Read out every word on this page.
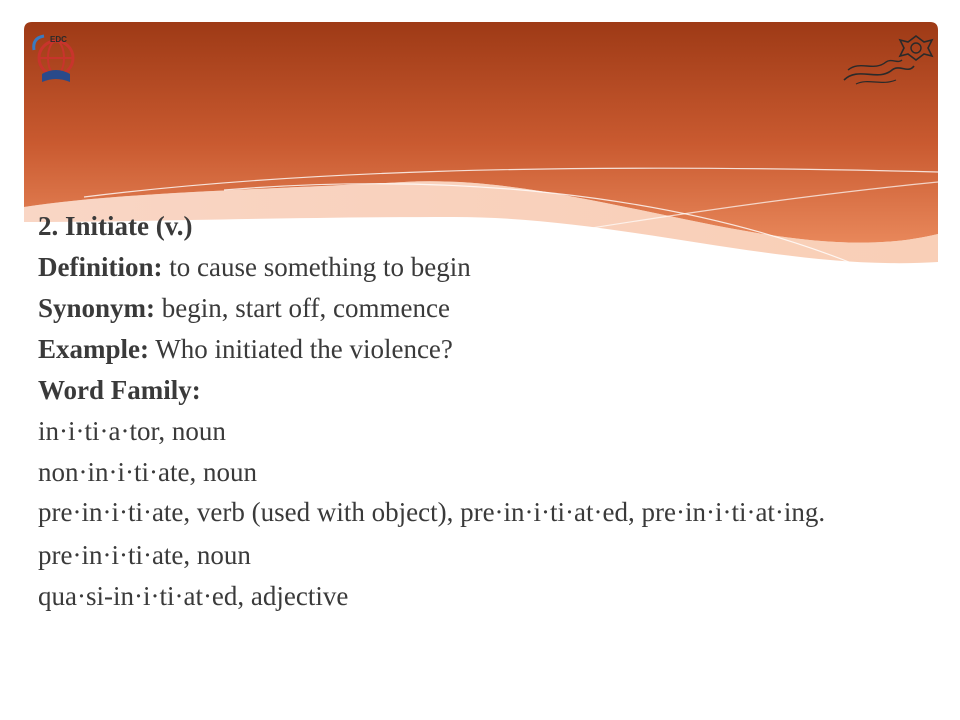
EDC
2. Initiate (v.)
Definition: to cause something to begin
Synonym: begin, start off, commence
Example: Who initiated the violence?
Word Family:
in·i·ti·a·tor, noun
non·in·i·ti·ate, noun
pre·in·i·ti·ate, verb (used with object), pre·in·i·ti·at·ed, pre·in·i·ti·at·ing.
pre·in·i·ti·ate, noun
qua·si-in·i·ti·at·ed, adjective
